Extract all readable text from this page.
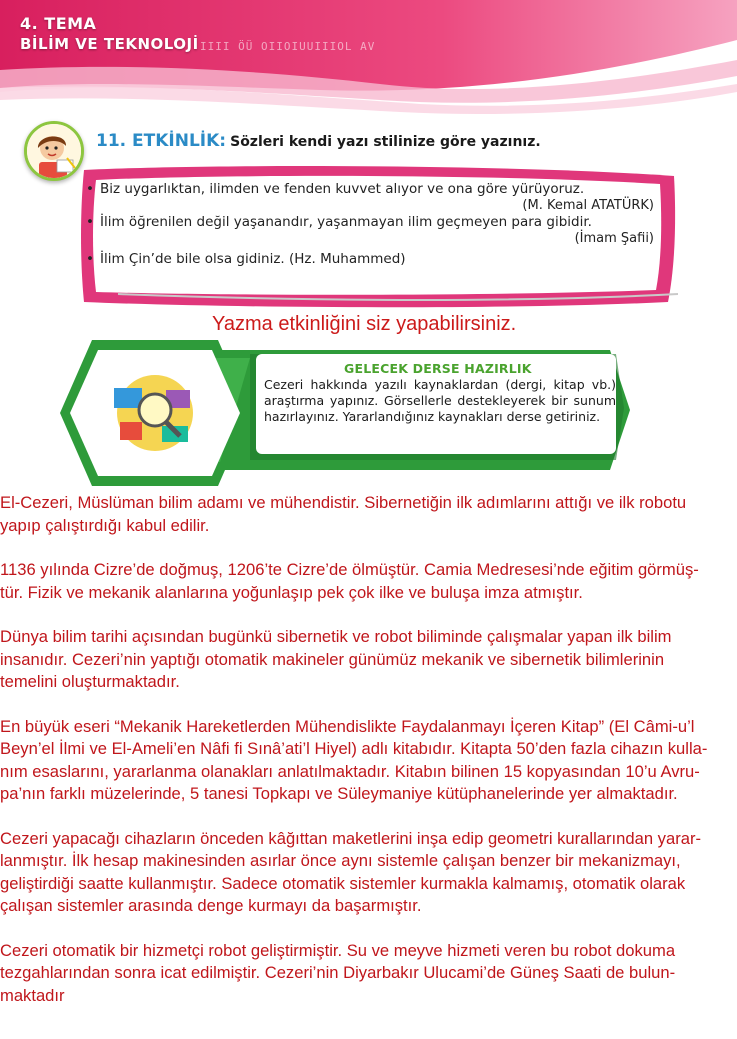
4. TEMA
BİLİM VE TEKNOLOJİ IIII ÖÜ OIIOIUUIIIOL AV
11. ETKİNLİK: Sözleri kendi yazı stilinize göre yazınız.
• Biz uygarlıktan, ilimden ve fenden kuvvet alıyor ve ona göre yürüyoruz.
(M. Kemal ATATÜRK)
• İlim öğrenilen değil yaşanandır, yaşanmayan ilim geçmeyen para gibidir.
(İmam Şafii)
• İlim Çin’de bile olsa gidiniz. (Hz. Muhammed)
Yazma etkinliğini siz yapabilirsiniz.
GELECEK DERSE HAZIRLIK
Cezeri hakkında yazılı kaynaklardan (dergi, kitap vb.) araştırma yapınız. Görsellerle destekleyerek bir sunum hazırlayınız. Yararlandığınız kaynakları derse getiriniz.

El-Cezeri, Müslüman bilim adamı ve mühendistir. Sibernetiğin ilk adımlarını attığı ve ilk robotu
yapıp çalıştırdığı kabul edilir.

1136 yılında Cizre’de doğmuş, 1206’te Cizre’de ölmüştür. Camia Medresesi’nde eğitim görmüş-
tür. Fizik ve mekanik alanlarına yoğunlaşıp pek çok ilke ve buluşa imza atmıştır.

Dünya bilim tarihi açısından bugünkü sibernetik ve robot biliminde çalışmalar yapan ilk bilim
insanıdır. Cezeri’nin yaptığı otomatik makineler günümüz mekanik ve sibernetik bilimlerinin
temelini oluşturmaktadır.

En büyük eseri “Mekanik Hareketlerden Mühendislikte Faydalanmayı İçeren Kitap” (El Câmi-u’l
Beyn’el İlmi ve El-Ameli’en Nâfi fi Sınâ’ati’l Hiyel) adlı kitabıdır. Kitapta 50’den fazla cihazın kulla-
nım esaslarını, yararlanma olanakları anlatılmaktadır. Kitabın bilinen 15 kopyasından 10’u Avru-
pa’nın farklı müzelerinde, 5 tanesi Topkapı ve Süleymaniye kütüphanelerinde yer almaktadır.

Cezeri yapacağı cihazların önceden kâğıttan maketlerini inşa edip geometri kurallarından yarar-
lanmıştır. İlk hesap makinesinden asırlar önce aynı sistemle çalışan benzer bir mekanizmayı,
geliştirdiği saatte kullanmıştır. Sadece otomatik sistemler kurmakla kalmamış, otomatik olarak
çalışan sistemler arasında denge kurmayı da başarmıştır.

Cezeri otomatik bir hizmetçi robot geliştirmiştir. Su ve meyve hizmeti veren bu robot dokuma
tezgahlarından sonra icat edilmiştir. Cezeri’nin Diyarbakır Ulucami’de Güneş Saati de bulun-
maktadır
